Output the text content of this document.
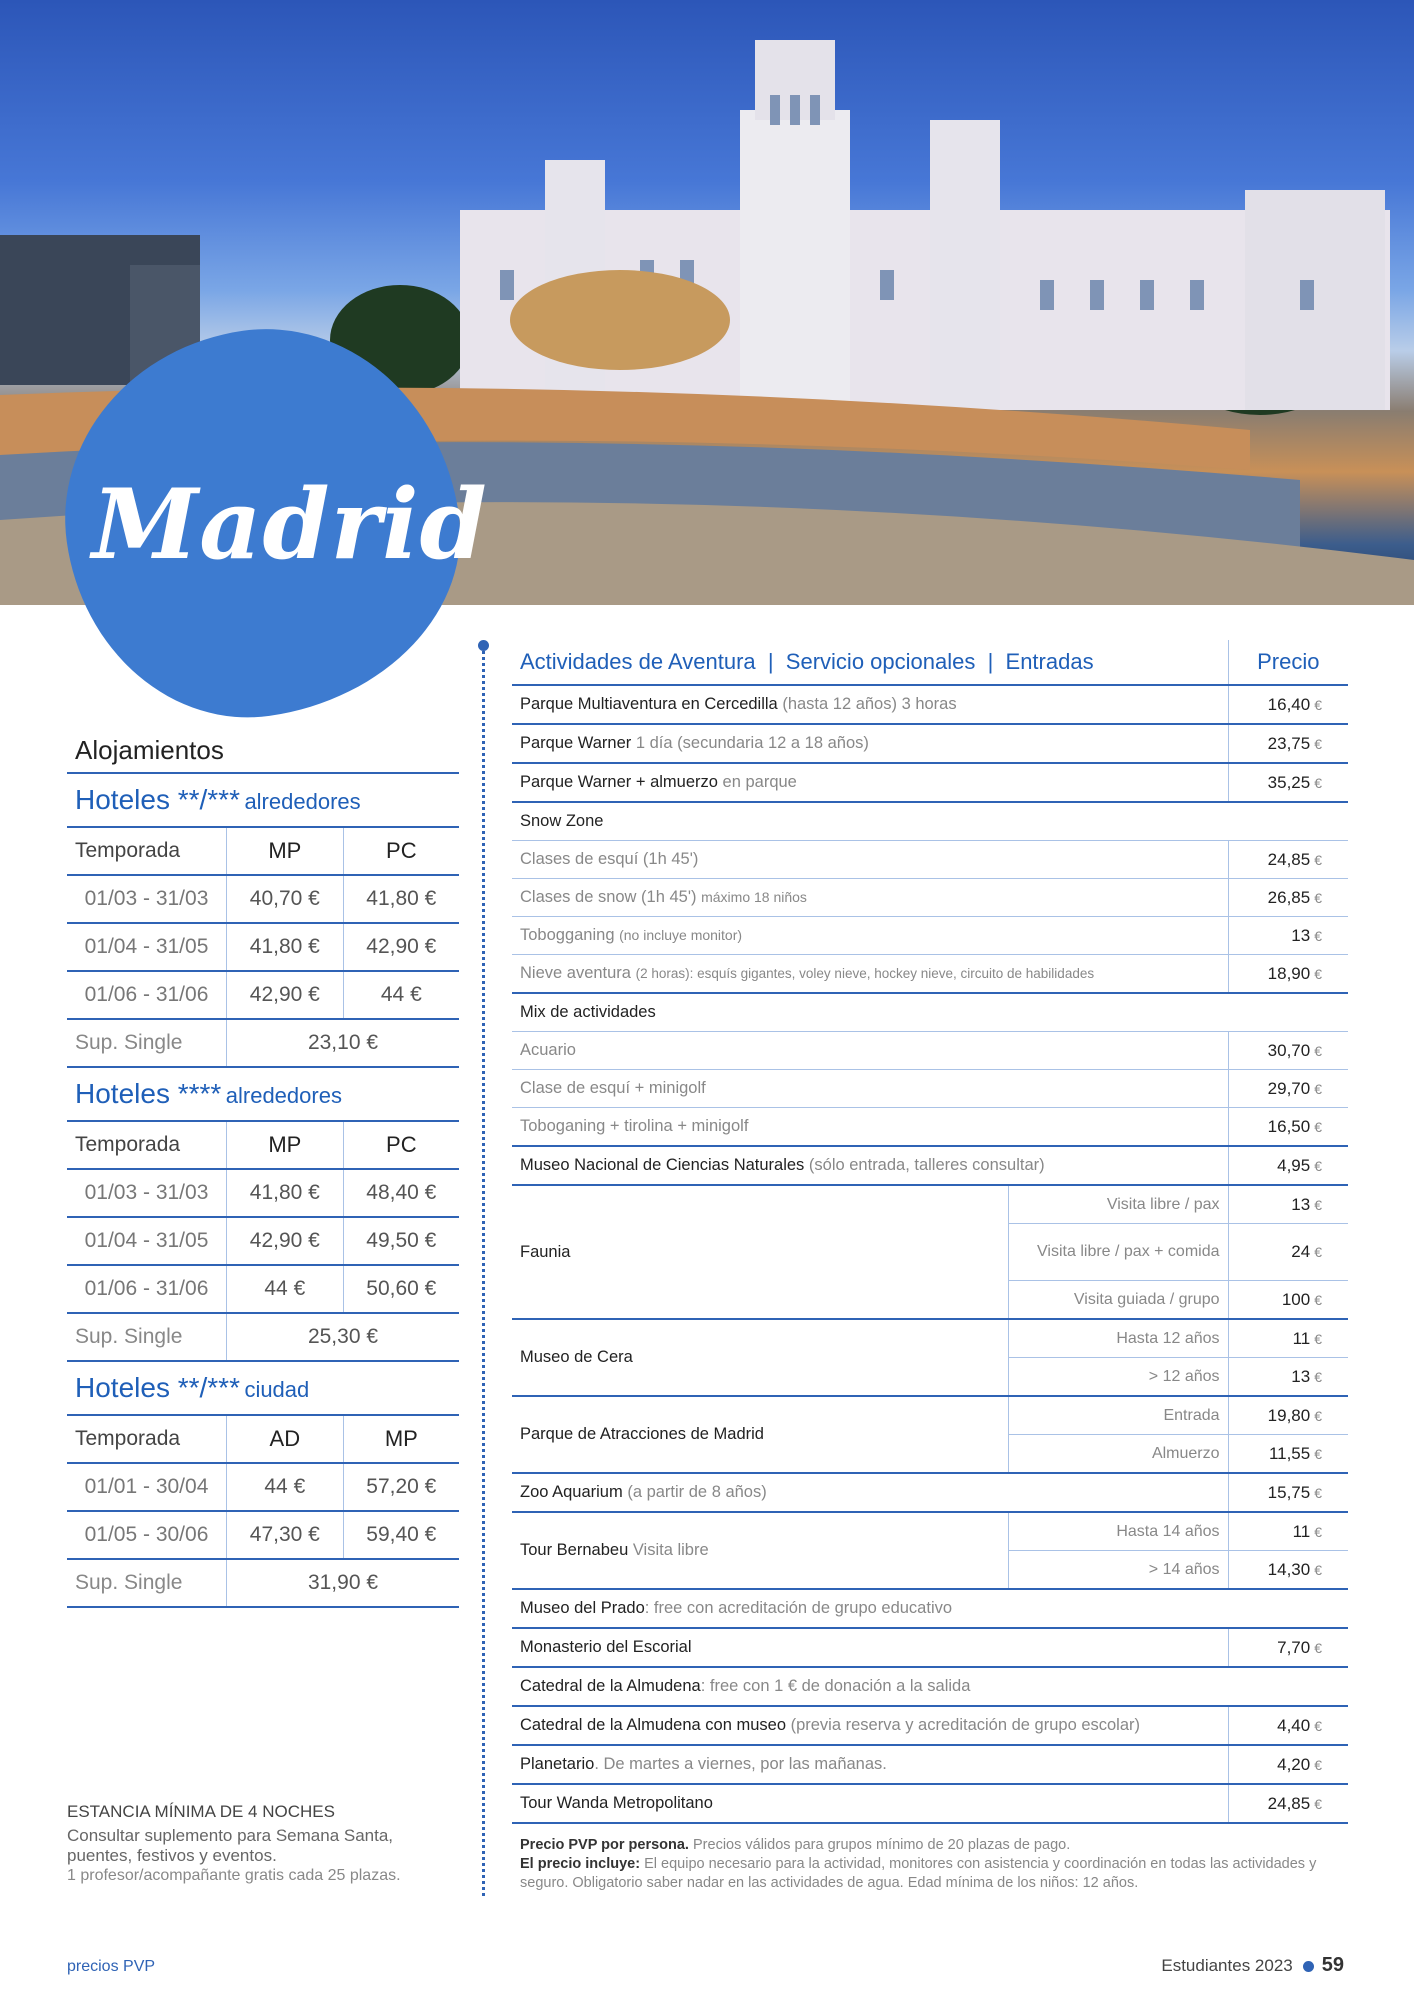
Madrid
Alojamientos
Hoteles **/*** alrededores
Temporada	MP	PC
01/03 - 31/03	40,70 €	41,80 €
01/04 - 31/05	41,80 €	42,90 €
01/06 - 31/06	42,90 €	44 €
Sup. Single	23,10 €	
Hoteles **** alrededores
Temporada	MP	PC
01/03 - 31/03	41,80 €	48,40 €
01/04 - 31/05	42,90 €	49,50 €
01/06 - 31/06	44 €	50,60 €
Sup. Single	25,30 €	
Hoteles **/*** ciudad
Temporada	AD	MP
01/01 - 30/04	44 €	57,20 €
01/05 - 30/06	47,30 €	59,40 €
Sup. Single	31,90 €	
ESTANCIA MÍNIMA DE 4 NOCHES
Consultar suplemento para Semana Santa, puentes, festivos y eventos.
1 profesor/acompañante gratis cada 25 plazas.
Actividades de Aventura  |  Servicio opcionales  |  Entradas		Precio
Parque Multiaventura en Cercedilla (hasta 12 años) 3 horas		16,40 €
Parque Warner 1 día (secundaria 12 a 18 años)		23,75 €
Parque Warner + almuerzo en parque		35,25 €
Snow Zone		
Clases de esquí (1h 45')		24,85 €
Clases de snow (1h 45') máximo 18 niños		26,85 €
Tobogganing (no incluye monitor)		13 €
Nieve aventura (2 horas): esquís gigantes, voley nieve, hockey nieve, circuito de habilidades		18,90 €
Mix de actividades		
Acuario		30,70 €
Clase de esquí + minigolf		29,70 €
Toboganing + tirolina + minigolf		16,50 €
Museo Nacional de Ciencias Naturales (sólo entrada, talleres consultar)		4,95 €
Faunia	Visita libre / pax	13 €
	Visita libre / pax + comida	24 €
	Visita guiada / grupo	100 €
Museo de Cera	Hasta 12 años	11 €
	> 12 años	13 €
Parque de Atracciones de Madrid	Entrada	19,80 €
	Almuerzo	11,55 €
Zoo Aquarium (a partir de 8 años)		15,75 €
Tour Bernabeu Visita libre	Hasta 14 años	11 €
	> 14 años	14,30 €
Museo del Prado: free con acreditación de grupo educativo		
Monasterio del Escorial		7,70 €
Catedral de la Almudena: free con 1 € de donación a la salida		
Catedral de la Almudena con museo (previa reserva y acreditación de grupo escolar)		4,40 €
Planetario. De martes a viernes, por las mañanas.		4,20 €
Tour Wanda Metropolitano		24,85 €
Precio PVP por persona. Precios válidos para grupos mínimo de 20 plazas de pago.
El precio incluye: El equipo necesario para la actividad, monitores con asistencia y coordinación en todas las actividades y seguro. Obligatorio saber nadar en las actividades de agua. Edad mínima de los niños: 12 años.
precios PVP	Estudiantes 2023 59
